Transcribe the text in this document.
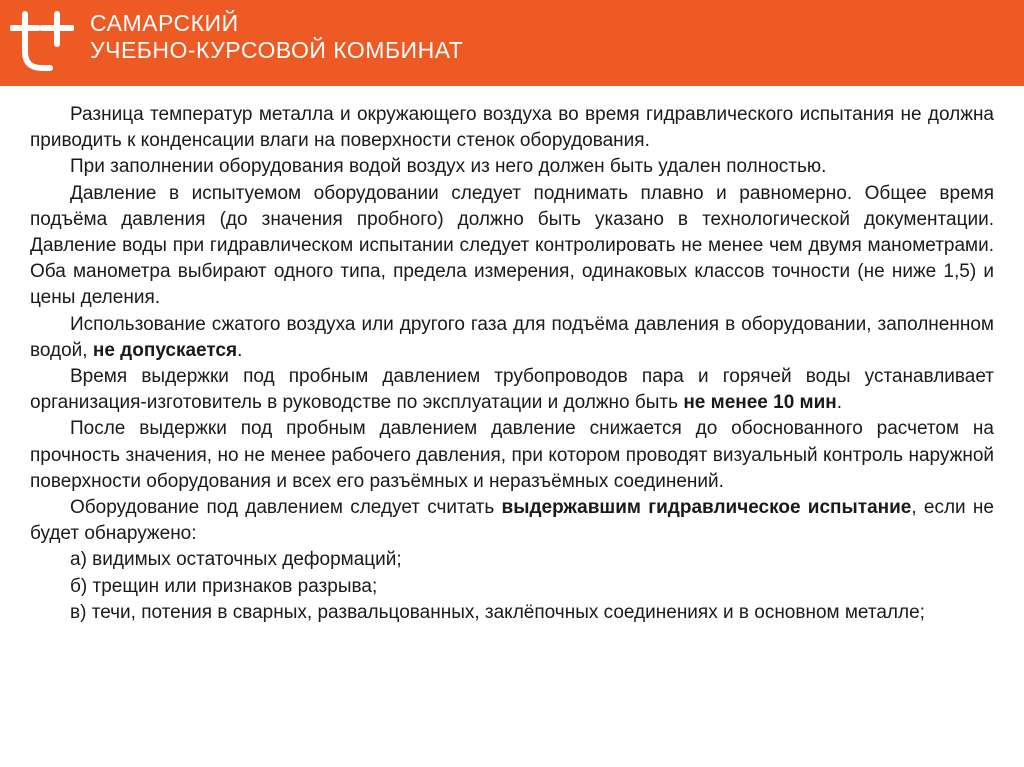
САМАРСКИЙ
УЧЕБНО-КУРСОВОЙ КОМБИНАТ

Разница температур металла и окружающего воздуха во время гидравлического испытания не должна приводить к конденсации влаги на поверхности стенок оборудования.

При заполнении оборудования водой воздух из него должен быть удален полностью.

Давление в испытуемом оборудовании следует поднимать плавно и равномерно. Общее время подъёма давления (до значения пробного) должно быть указано в технологической документации. Давление воды при гидравлическом испытании следует контролировать не менее чем двумя манометрами. Оба манометра выбирают одного типа, предела измерения, одинаковых классов точности (не ниже 1,5) и цены деления.

Использование сжатого воздуха или другого газа для подъёма давления в оборудовании, заполненном водой, не допускается.

Время выдержки под пробным давлением трубопроводов пара и горячей воды устанавливает организация-изготовитель в руководстве по эксплуатации и должно быть не менее 10 мин.

После выдержки под пробным давлением давление снижается до обоснованного расчетом на прочность значения, но не менее рабочего давления, при котором проводят визуальный контроль наружной поверхности оборудования и всех его разъёмных и неразъёмных соединений.

Оборудование под давлением следует считать выдержавшим гидравлическое испытание, если не будет обнаружено:

а) видимых остаточных деформаций;

б) трещин или признаков разрыва;

в) течи, потения в сварных, развальцованных, заклёпочных соединениях и в основном металле;
